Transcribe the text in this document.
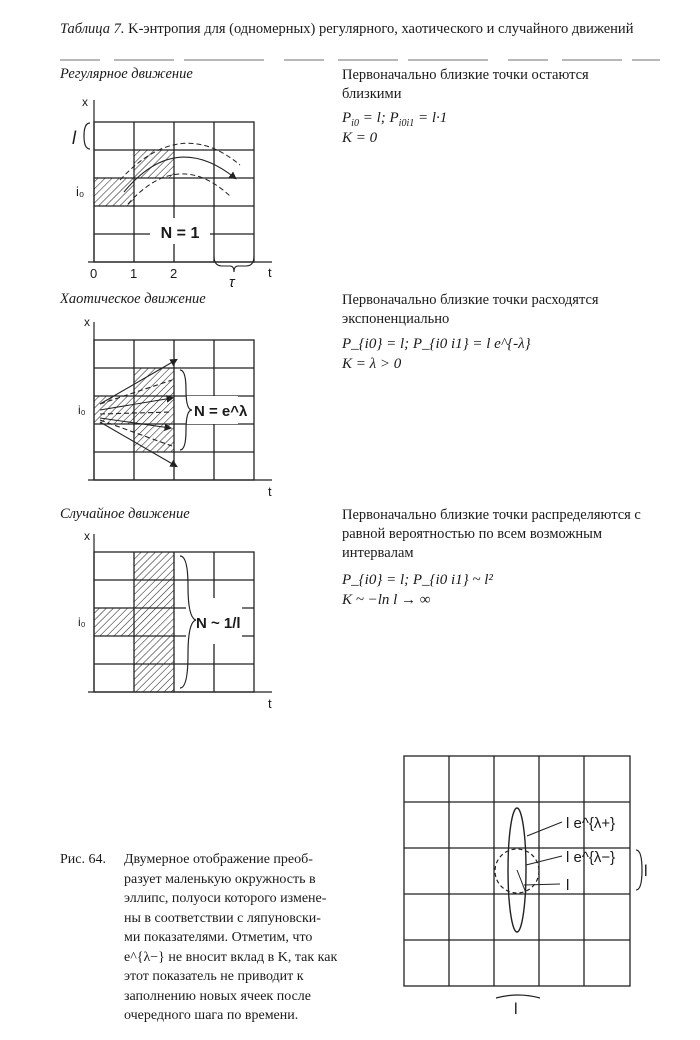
Таблица 7. K-энтропия для (одномерных) регулярного, хаотического и случайного движений
Регулярное движение	Первоначально близкие точки остаются близкими
$P_{i0} = l$; $P_{i0i1} = l\cdot 1$
K = 0
N = 1
x
t
l
i₀
0	1	2
τ
N = e^λ
x
t
i₀
N ~ 1/l
x
t
i₀
l e^{λ+}
l e^{λ−}
l
l
l
Хаотическое движение	Первоначально близкие точки расходятся экспоненциально
P_{i0} = l; P_{i0 i1} = l e^{-λ}
K = λ > 0
Случайное движение	Первоначально близкие точки распределяются с равной вероятностью по всем возможным интервалам
P_{i0} = l; P_{i0 i1} ~ l²
K ~ −ln l → ∞
Рис. 64.	Двумерное отображение преоб-
разует маленькую окружность в
эллипс, полуоси которого измене-
ны в соответствии с ляпуновски-
ми показателями. Отметим, что
e^{λ−} не вносит вклад в K, так как
этот показатель не приводит к
заполнению новых ячеек после
очередного шага по времени.
